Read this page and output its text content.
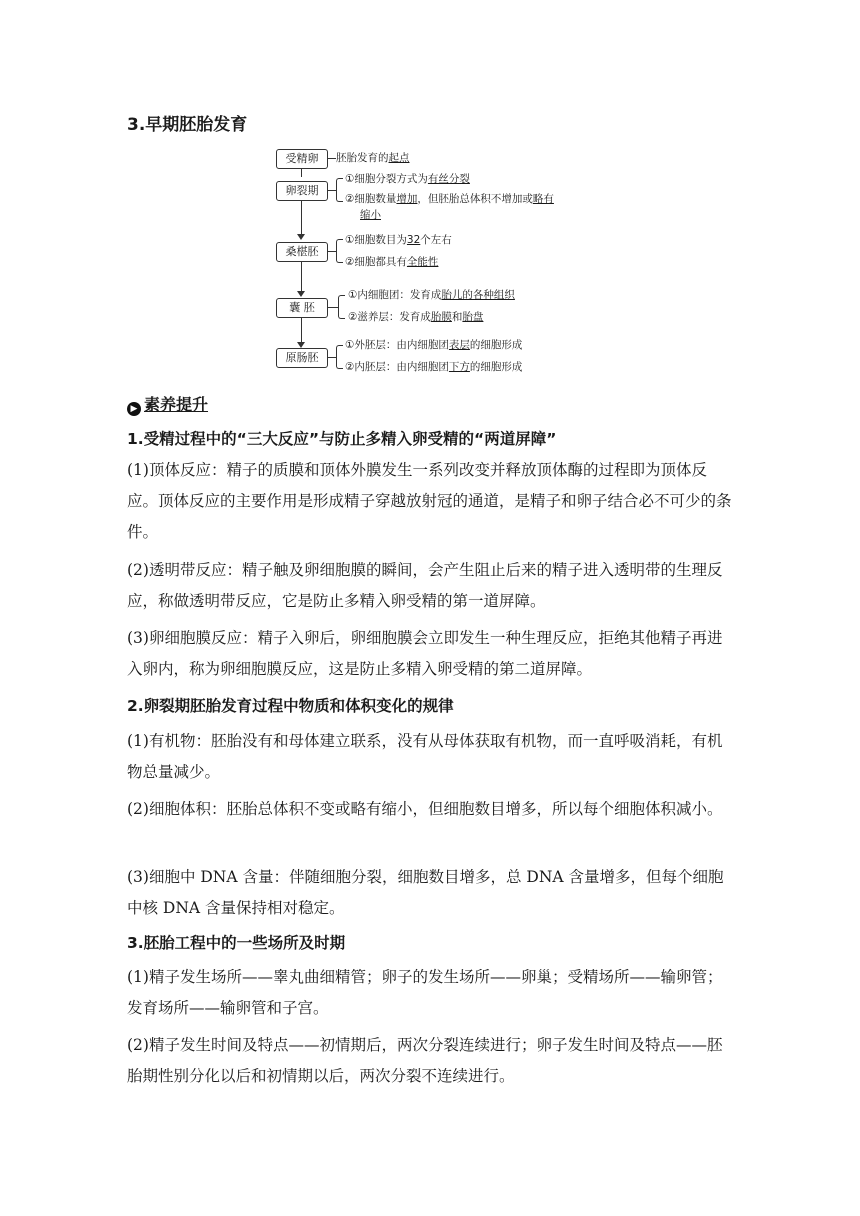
3.早期胚胎发育
受精卵
卵裂期
桑椹胚
囊 胚
原肠胚
胚胎发育的起点
①细胞分裂方式为有丝分裂
②细胞数量增加，但胚胎总体积不增加或略有
缩小
①细胞数目为32个左右
②细胞都具有全能性
①内细胞团：发育成胎儿的各种组织
②滋养层：发育成胎膜和胎盘
①外胚层：由内细胞团表层的细胞形成
②内胚层：由内细胞团下方的细胞形成
▶ 素养提升
1.受精过程中的“三大反应”与防止多精入卵受精的“两道屏障”
(1)顶体反应：精子的质膜和顶体外膜发生一系列改变并释放顶体酶的过程即为顶体反应。顶体反应的主要作用是形成精子穿越放射冠的通道，是精子和卵子结合必不可少的条件。
(2)透明带反应：精子触及卵细胞膜的瞬间，会产生阻止后来的精子进入透明带的生理反应，称做透明带反应，它是防止多精入卵受精的第一道屏障。
(3)卵细胞膜反应：精子入卵后，卵细胞膜会立即发生一种生理反应，拒绝其他精子再进入卵内，称为卵细胞膜反应，这是防止多精入卵受精的第二道屏障。
2.卵裂期胚胎发育过程中物质和体积变化的规律
(1)有机物：胚胎没有和母体建立联系，没有从母体获取有机物，而一直呼吸消耗，有机物总量减少。
(2)细胞体积：胚胎总体积不变或略有缩小，但细胞数目增多，所以每个细胞体积减小。
(3)细胞中 DNA 含量：伴随细胞分裂，细胞数目增多，总 DNA 含量增多，但每个细胞中核 DNA 含量保持相对稳定。
3.胚胎工程中的一些场所及时期
(1)精子发生场所——睾丸曲细精管；卵子的发生场所——卵巢；受精场所——输卵管；发育场所——输卵管和子宫。
(2)精子发生时间及特点——初情期后，两次分裂连续进行；卵子发生时间及特点——胚胎期性别分化以后和初情期以后，两次分裂不连续进行。
